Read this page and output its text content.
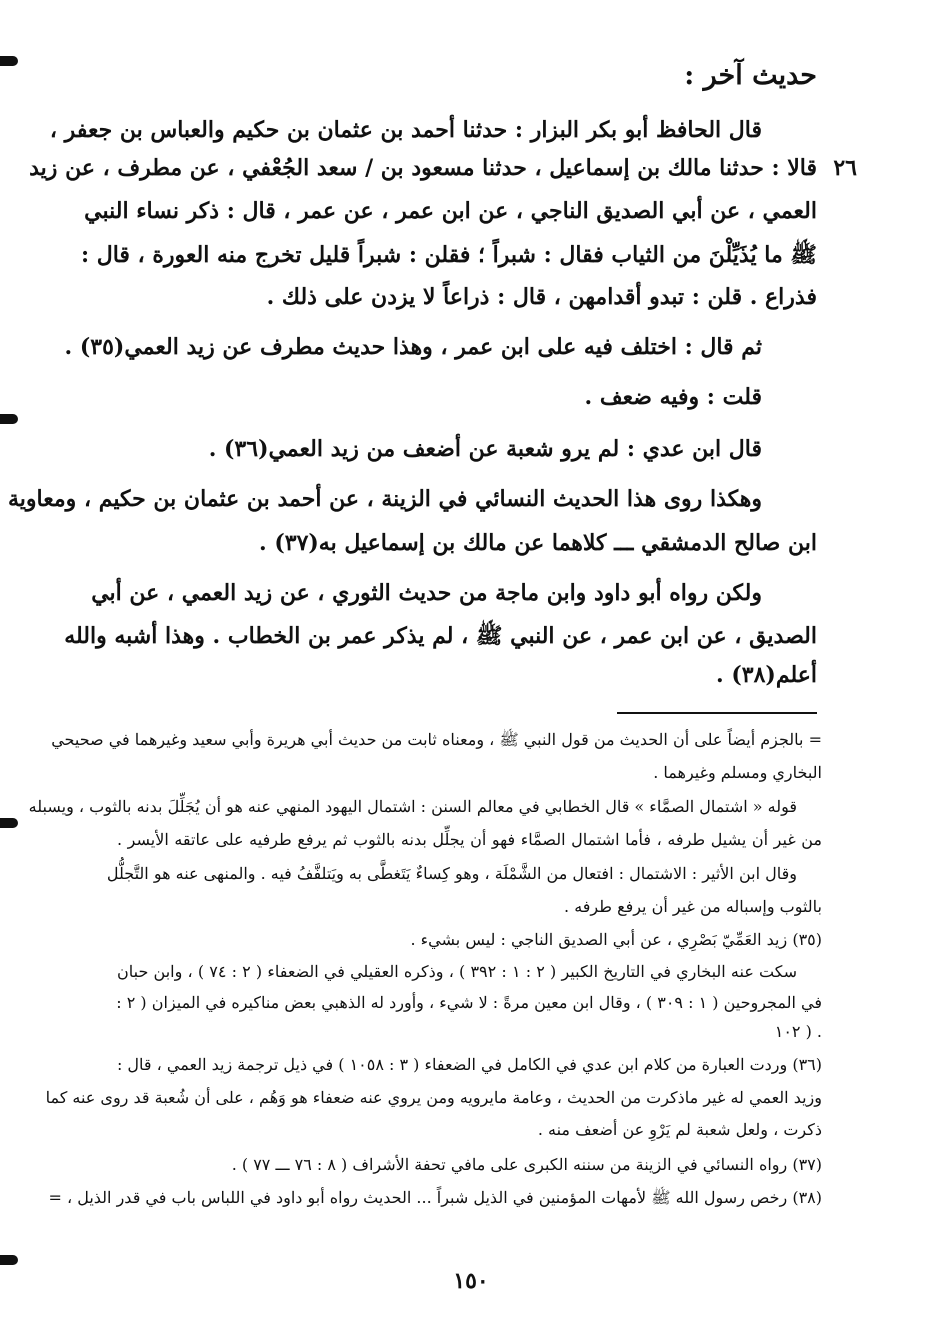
حديث آخر :
٢٦
قال الحافظ أبو بكر البزار : حدثنا أحمد بن عثمان بن حكيم والعباس بن جعفر ،
قالا : حدثنا مالك بن إسماعيل ، حدثنا مسعود بن / سعد الجُعْفي ، عن مطرف ، عن زيد
العمي ، عن أبي الصديق الناجي ، عن ابن عمر ، عن عمر ، قال : ذكر نساء النبي
ﷺ ما يُذَيِّلْنَ من الثياب فقال : شبراً ؛ فقلن : شبراً قليل تخرج منه العورة ، قال :
فذراع . قلن : تبدو أقدامهن ، قال : ذراعاً لا يزدن على ذلك .
ثم قال : اختلف فيه على ابن عمر ، وهذا حديث مطرف عن زيد العمي(٣٥) .
قلت : وفيه ضعف .
قال ابن عدي : لم يرو شعبة عن أضعف من زيد العمي(٣٦) .
وهكذا روى هذا الحديث النسائي في الزينة ، عن أحمد بن عثمان بن حكيم ، ومعاوية
ابن صالح الدمشقي ـــ كلاهما عن مالك بن إسماعيل به(٣٧) .
ولكن رواه أبو داود وابن ماجة من حديث الثوري ، عن زيد العمي ، عن أبي
الصديق ، عن ابن عمر ، عن النبي ﷺ ، لم يذكر عمر بن الخطاب . وهذا أشبه والله
أعلم(٣٨) .
= بالجزم أيضاً على أن الحديث من قول النبي ﷺ ، ومعناه ثابت من حديث أبي هريرة وأبي سعيد وغيرهما في صحيحي
البخاري ومسلم وغيرهما .
قوله « اشتمال الصمَّاء » قال الخطابي في معالم السنن : اشتمال اليهود المنهي عنه هو أن يُجَلِّلَ بدنه بالثوب ، ويسبله
من غير أن يشيل طرفه ، فأما اشتمال الصمَّاء فهو أن يجلِّل بدنه بالثوب ثم يرفع طرفيه على عاتقه الأيسر .
وقال ابن الأثير : الاشتمال : افتعال من الشَّمْلَة ، وهو كِساءٌ يَتَغطَّى به ويَتلفَّفُ فيه . والمنهى عنه هو التَّجلُّل
بالثوب وإسباله من غير أن يرفع طرفه .
(٣٥) زيد العَمِّيّ بَصْرِي ، عن أبي الصديق الناجي : ليس بشيء .
سكت عنه البخاري في التاريخ الكبير ( ٢ : ١ : ٣٩٢ ) ، وذكره العقيلي في الضعفاء ( ٢ : ٧٤ ) ، وابن حبان
في المجروحين ( ١ : ٣٠٩ ) ، وقال ابن معين مرةً : لا شيء ، وأورد له الذهبي بعض مناكيره في الميزان ( ٢ :
١٠٢ ) .
(٣٦) وردت العبارة من كلام ابن عدي في الكامل في الضعفاء ( ٣ : ١٠٥٨ ) في ذيل ترجمة زيد العمي ، قال :
وزيد العمي له غير ماذكرت من الحديث ، وعامة مايرويه ومن يروي عنه ضعفاء هو وَهُم ، على أن شُعبة قد روى عنه كما
ذكرت ، ولعل شعبة لم يَرْوِ عن أضعف منه .
(٣٧) رواه النسائي في الزينة من سننه الكبرى على مافي تحفة الأشراف ( ٨ : ٧٦ ـــ ٧٧ ) .
(٣٨) رخص رسول الله ﷺ لأمهات المؤمنين في الذيل شبراً ... الحديث رواه أبو داود في اللباس باب في قدر الذيل ، =
١٥٠
